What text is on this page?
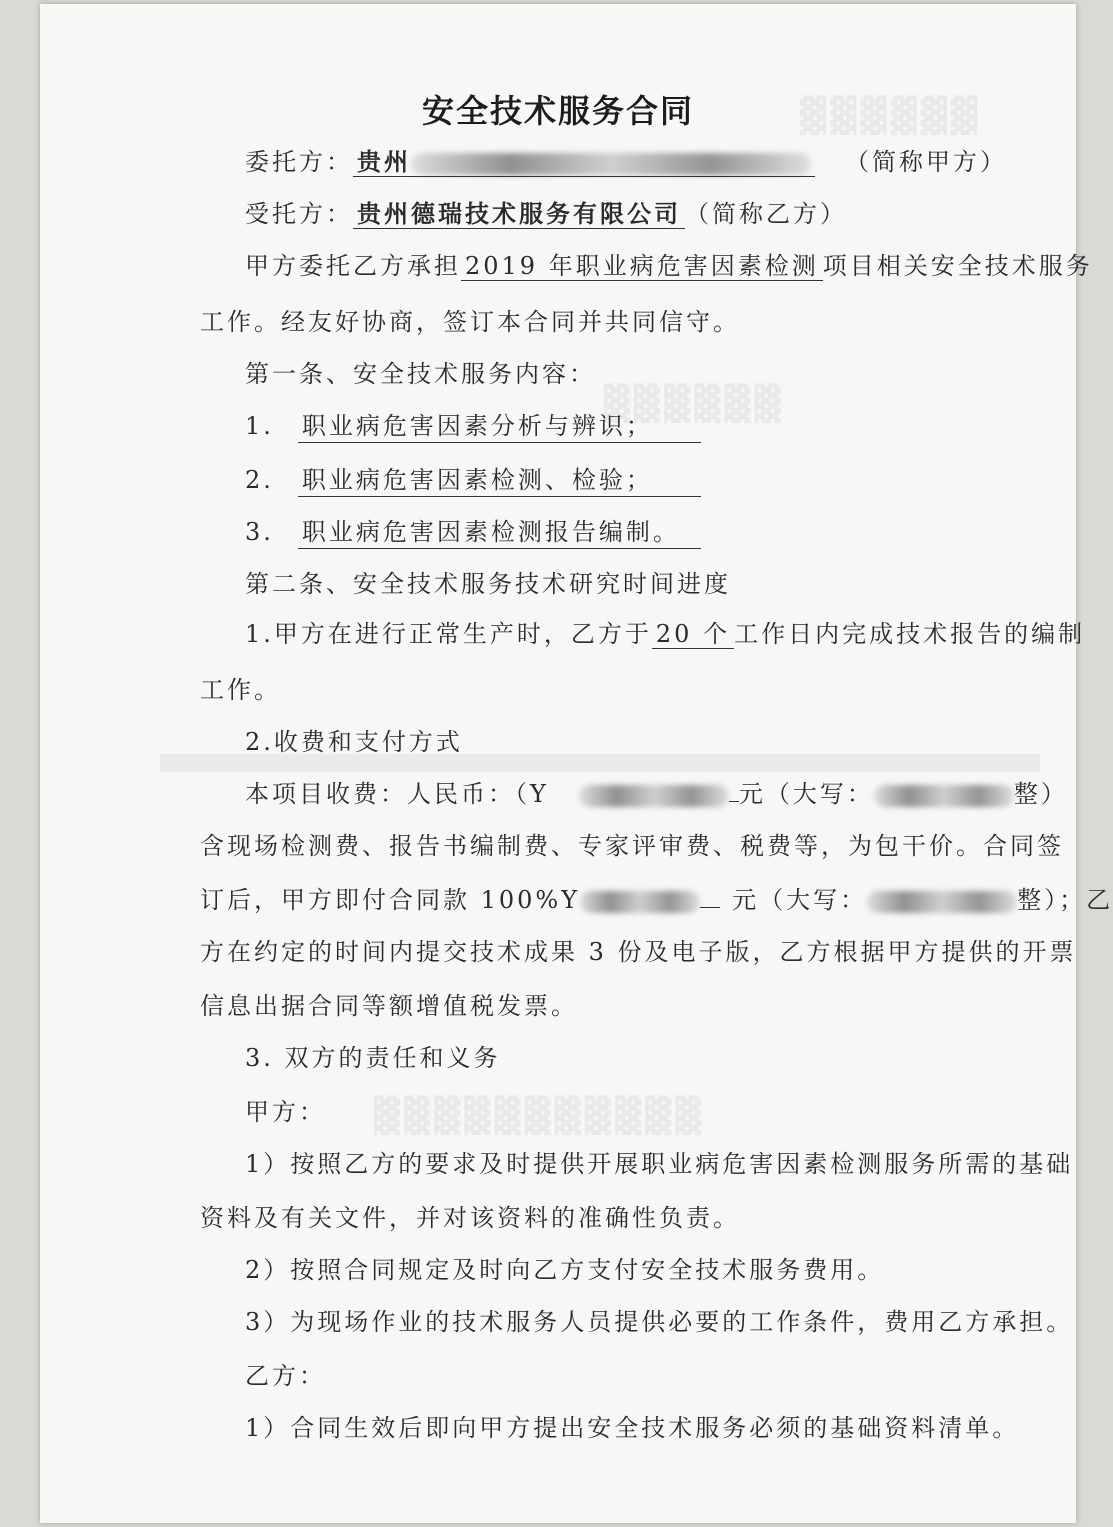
▓▓▓▓▓▓
▓▓▓▓▓▓
▓▓▓▓▓▓▓▓▓▓▓
安全技术服务合同
委托方： 贵州	（简称甲方）
受托方： 贵州德瑞技术服务有限公司 （简称乙方）
甲方委托乙方承担 2019 年职业病危害因素检测 项目相关安全技术服务
工作。经友好协商，签订本合同并共同信守。
第一条、安全技术服务内容：
1. 职业病危害因素分析与辨识；
2. 职业病危害因素检测、检验；
3. 职业病危害因素检测报告编制。
第二条、安全技术服务技术研究时间进度
1.甲方在进行正常生产时，乙方于 20 个 工作日内完成技术报告的编制
工作。
2.收费和支付方式
本项目收费：人民币：（Y	元（大写：	整）
含现场检测费、报告书编制费、专家评审费、税费等，为包干价。合同签
订后，甲方即付合同款 100%Y	元（大写：	整）；乙
方在约定的时间内提交技术成果 3 份及电子版，乙方根据甲方提供的开票
信息出据合同等额增值税发票。
3. 双方的责任和义务
甲方：
1）按照乙方的要求及时提供开展职业病危害因素检测服务所需的基础
资料及有关文件，并对该资料的准确性负责。
2）按照合同规定及时向乙方支付安全技术服务费用。
3）为现场作业的技术服务人员提供必要的工作条件，费用乙方承担。
乙方：
1）合同生效后即向甲方提出安全技术服务必须的基础资料清单。
